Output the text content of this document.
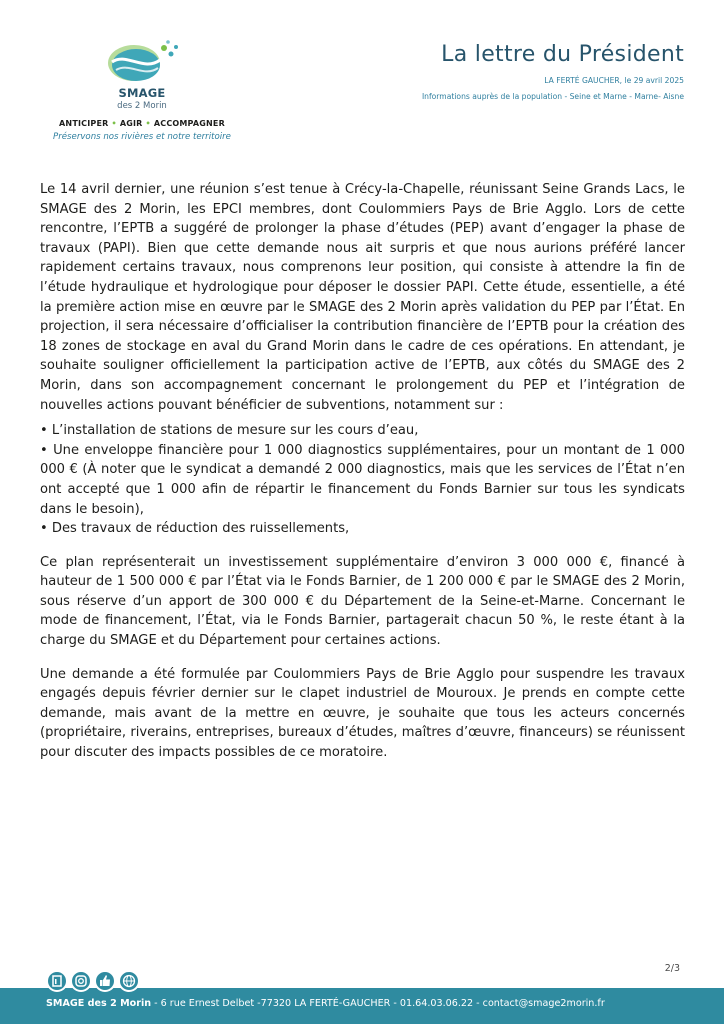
SMAGE
des 2 Morin
ANTICIPER • AGIR • ACCOMPAGNER
Préservons nos rivières et notre territoire
La lettre du Président
LA FERTÉ GAUCHER, le 29 avril 2025
Informations auprès de la population - Seine et Marne - Marne- Aisne

Le 14 avril dernier, une réunion s’est tenue à Crécy-la-Chapelle, réunissant Seine Grands Lacs, le SMAGE des 2 Morin, les EPCI membres, dont Coulommiers Pays de Brie Agglo. Lors de cette rencontre, l’EPTB a suggéré de prolonger la phase d’études (PEP) avant d’engager la phase de travaux (PAPI). Bien que cette demande nous ait surpris et que nous aurions préféré lancer rapidement certains travaux, nous comprenons leur position, qui consiste à attendre la fin de l’étude hydraulique et hydrologique pour déposer le dossier PAPI. Cette étude, essentielle, a été la première action mise en œuvre par le SMAGE des 2 Morin après validation du PEP par l’État. En projection, il sera nécessaire d’officialiser la contribution financière de l’EPTB pour la création des 18 zones de stockage en aval du Grand Morin dans le cadre de ces opérations. En attendant, je souhaite souligner officiellement la participation active de l’EPTB, aux côtés du SMAGE des 2 Morin, dans son accompagnement concernant le prolongement du PEP et l’intégration de nouvelles actions pouvant bénéficier de subventions, notamment sur :

• L’installation de stations de mesure sur les cours d’eau,
• Une enveloppe financière pour 1 000 diagnostics supplémentaires, pour un montant de 1 000 000 € (À noter que le syndicat a demandé 2 000 diagnostics, mais que les services de l’État n’en ont accepté que 1 000 afin de répartir le financement du Fonds Barnier sur tous les syndicats dans le besoin),
• Des travaux de réduction des ruissellements,

Ce plan représenterait un investissement supplémentaire d’environ 3 000 000 €, financé à hauteur de 1 500 000 € par l’État via le Fonds Barnier, de 1 200 000 € par le SMAGE des 2 Morin, sous réserve d’un apport de 300 000 € du Département de la Seine-et-Marne. Concernant le mode de financement, l’État, via le Fonds Barnier, partagerait chacun 50 %, le reste étant à la charge du SMAGE et du Département pour certaines actions.

Une demande a été formulée par Coulommiers Pays de Brie Agglo pour suspendre les travaux engagés depuis février dernier sur le clapet industriel de Mouroux. Je prends en compte cette demande, mais avant de la mettre en œuvre, je souhaite que tous les acteurs concernés (propriétaire, riverains, entreprises, bureaux d’études, maîtres d’œuvre, financeurs) se réunissent pour discuter des impacts possibles de ce moratoire.

2/3
SMAGE des 2 Morin - 6 rue Ernest Delbet -77320 LA FERTÉ-GAUCHER - 01.64.03.06.22 - contact@smage2morin.fr
